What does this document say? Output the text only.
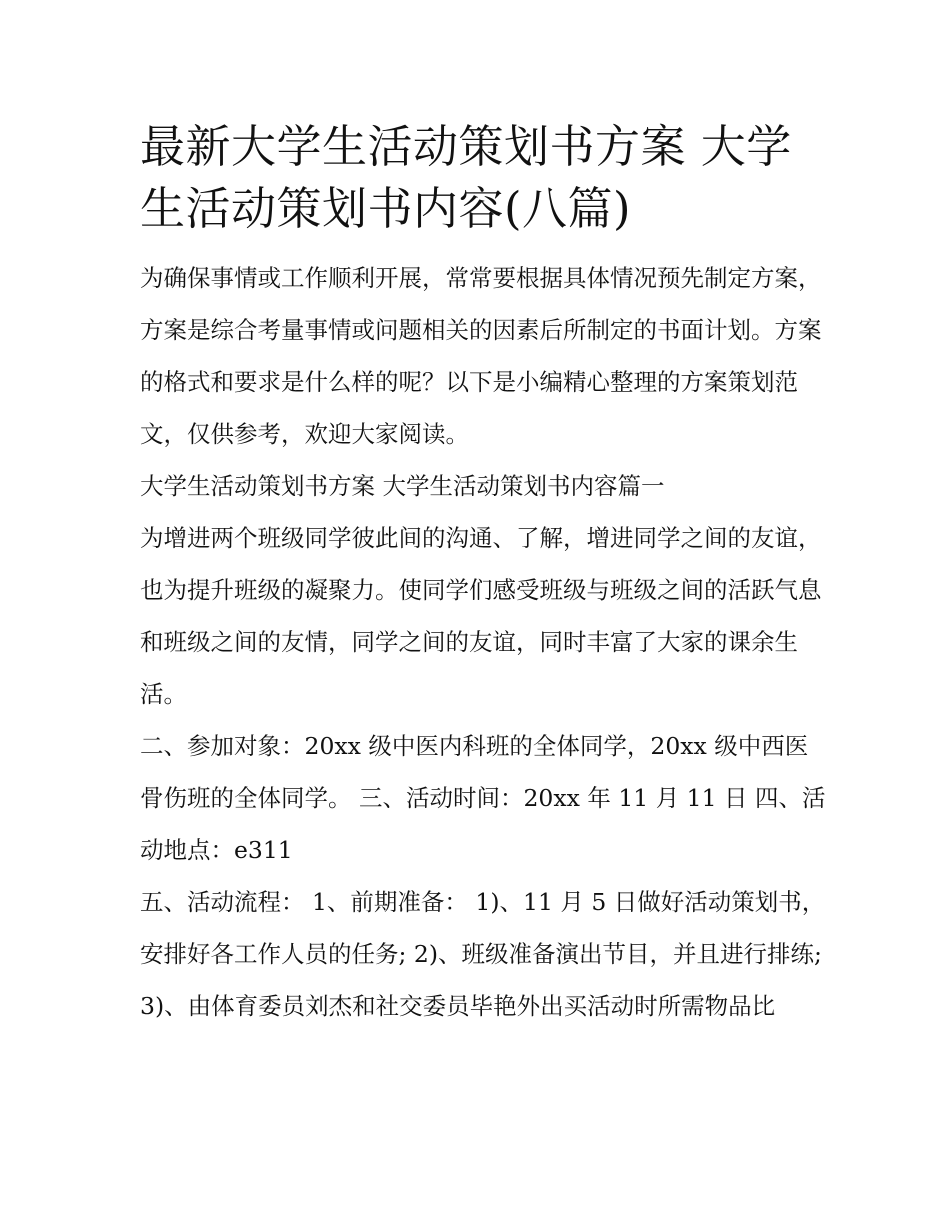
最新大学生活动策划书方案 大学生活动策划书内容(八篇)

为确保事情或工作顺利开展，常常要根据具体情况预先制定方案，方案是综合考量事情或问题相关的因素后所制定的书面计划。方案的格式和要求是什么样的呢？以下是小编精心整理的方案策划范文，仅供参考，欢迎大家阅读。

大学生活动策划书方案 大学生活动策划书内容篇一

为增进两个班级同学彼此间的沟通、了解，增进同学之间的友谊，也为提升班级的凝聚力。使同学们感受班级与班级之间的活跃气息和班级之间的友情，同学之间的友谊，同时丰富了大家的课余生活。

二、参加对象：20xx 级中医内科班的全体同学，20xx 级中西医骨伤班的全体同学。 三、活动时间：20xx 年 11 月 11 日 四、活动地点：e311

五、活动流程： 1、前期准备： 1)、11 月 5 日做好活动策划书，安排好各工作人员的任务; 2)、班级准备演出节目，并且进行排练;

3)、由体育委员刘杰和社交委员毕艳外出买活动时所需物品比
